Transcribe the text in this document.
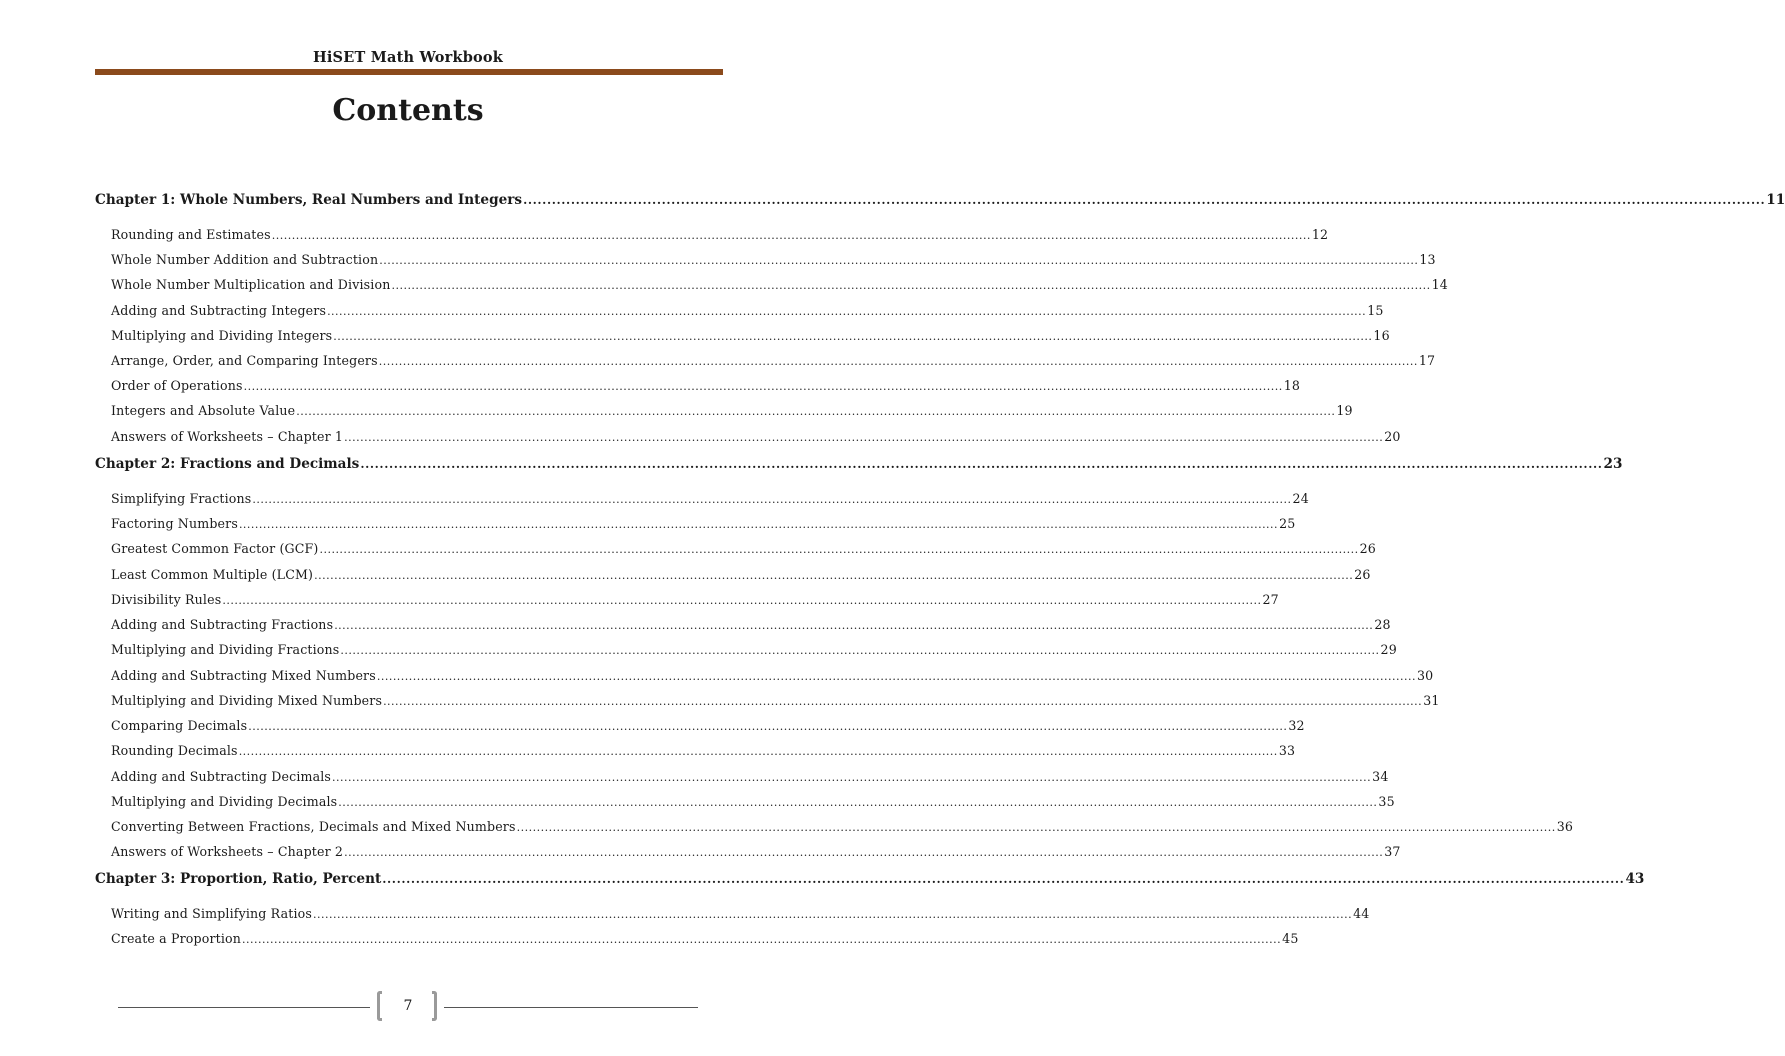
HiSET Math Workbook
Contents
Chapter 1: Whole Numbers, Real Numbers and Integers .................................................................................................................................................................................................................................................................... 11
Rounding and Estimates .................................................................................................................................................................................................................................................................... 12
Whole Number Addition and Subtraction .................................................................................................................................................................................................................................................................... 13
Whole Number Multiplication and Division .................................................................................................................................................................................................................................................................... 14
Adding and Subtracting Integers .................................................................................................................................................................................................................................................................... 15
Multiplying and Dividing Integers .................................................................................................................................................................................................................................................................... 16
Arrange, Order, and Comparing Integers .................................................................................................................................................................................................................................................................... 17
Order of Operations .................................................................................................................................................................................................................................................................... 18
Integers and Absolute Value .................................................................................................................................................................................................................................................................... 19
Answers of Worksheets – Chapter 1 .................................................................................................................................................................................................................................................................... 20
Chapter 2: Fractions and Decimals .................................................................................................................................................................................................................................................................... 23
Simplifying Fractions .................................................................................................................................................................................................................................................................... 24
Factoring Numbers .................................................................................................................................................................................................................................................................... 25
Greatest Common Factor (GCF) .................................................................................................................................................................................................................................................................... 26
Least Common Multiple (LCM) .................................................................................................................................................................................................................................................................... 26
Divisibility Rules .................................................................................................................................................................................................................................................................... 27
Adding and Subtracting Fractions .................................................................................................................................................................................................................................................................... 28
Multiplying and Dividing Fractions .................................................................................................................................................................................................................................................................... 29
Adding and Subtracting Mixed Numbers .................................................................................................................................................................................................................................................................... 30
Multiplying and Dividing Mixed Numbers .................................................................................................................................................................................................................................................................... 31
Comparing Decimals .................................................................................................................................................................................................................................................................... 32
Rounding Decimals .................................................................................................................................................................................................................................................................... 33
Adding and Subtracting Decimals .................................................................................................................................................................................................................................................................... 34
Multiplying and Dividing Decimals .................................................................................................................................................................................................................................................................... 35
Converting Between Fractions, Decimals and Mixed Numbers .................................................................................................................................................................................................................................................................... 36
Answers of Worksheets – Chapter 2 .................................................................................................................................................................................................................................................................... 37
Chapter 3: Proportion, Ratio, Percent .................................................................................................................................................................................................................................................................... 43
Writing and Simplifying Ratios .................................................................................................................................................................................................................................................................... 44
Create a Proportion .................................................................................................................................................................................................................................................................... 45
7
